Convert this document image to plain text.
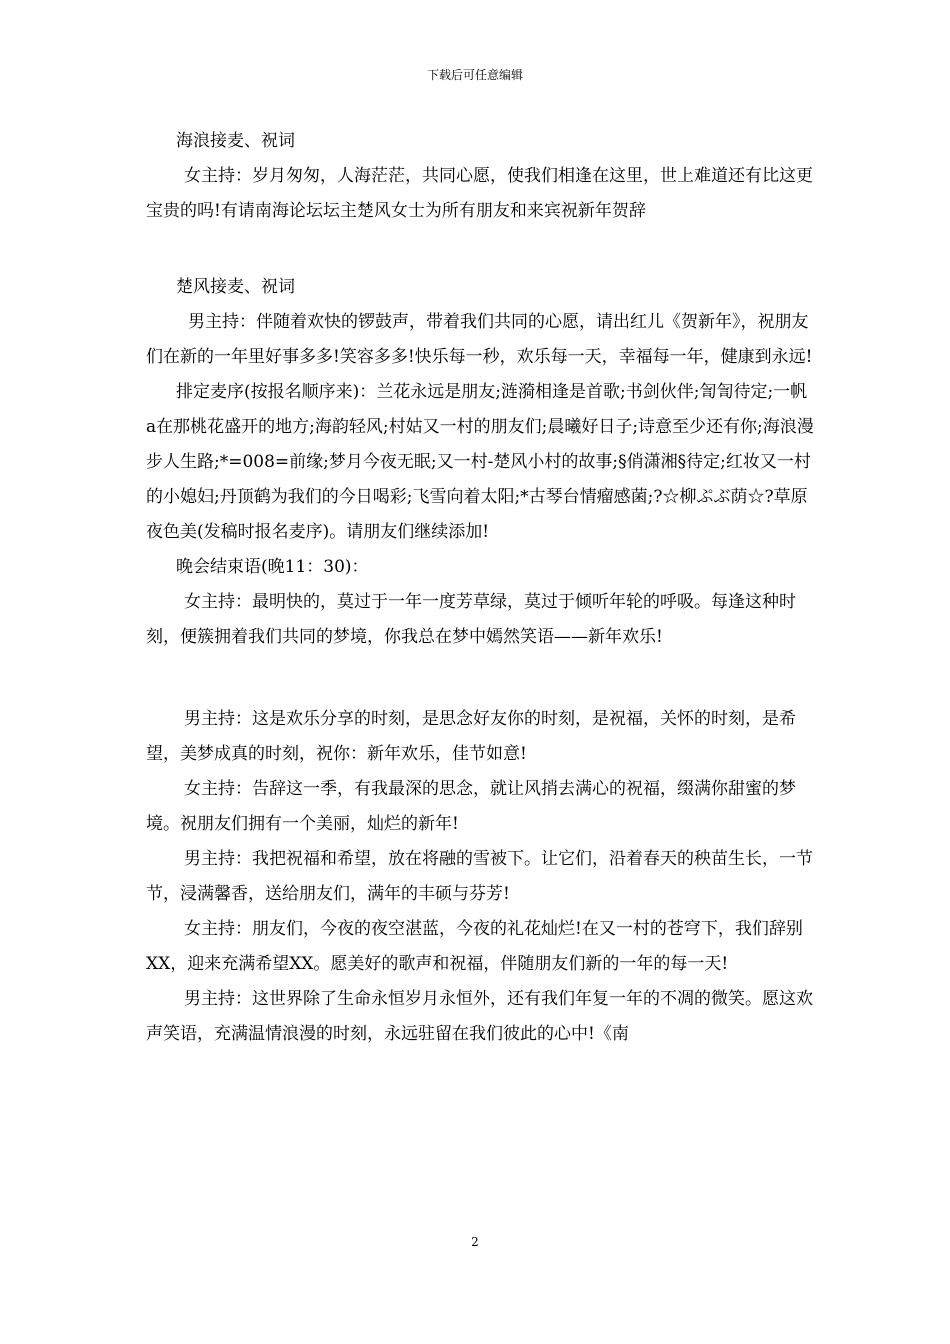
下载后可任意编辑

海浪接麦、祝词

女主持：岁月匆匆，人海茫茫，共同心愿，使我们相逢在这里，世上难道还有比这更宝贵的吗!有请南海论坛坛主楚风女士为所有朋友和来宾祝新年贺辞

楚风接麦、祝词

男主持：伴随着欢快的锣鼓声，带着我们共同的心愿，请出红儿《贺新年》，祝朋友们在新的一年里好事多多!笑容多多!快乐每一秒，欢乐每一天，幸福每一年，健康到永远!

排定麦序(按报名顺序来)：兰花永远是朋友;涟漪相逢是首歌;书剑伙伴;訇訇待定;一帆a在那桃花盛开的地方;海韵轻风;村姑又一村的朋友们;晨曦好日子;诗意至少还有你;海浪漫步人生路;*=008=前缘;梦月今夜无眠;又一村-楚风小村的故事;§俏潇湘§待定;红妆又一村的小媳妇;丹顶鹤为我们的今日喝彩;飞雪向着太阳;*古琴台情瘤感菌;?☆柳ぷぶ荫☆?草原夜色美(发稿时报名麦序)。请朋友们继续添加!

晚会结束语(晚11：30)：

女主持：最明快的，莫过于一年一度芳草绿，莫过于倾听年轮的呼吸。每逢这种时刻，便簇拥着我们共同的梦境，你我总在梦中嫣然笑语——新年欢乐!

男主持：这是欢乐分享的时刻，是思念好友你的时刻，是祝福，关怀的时刻，是希望，美梦成真的时刻，祝你：新年欢乐，佳节如意!

女主持：告辞这一季，有我最深的思念，就让风捎去满心的祝福，缀满你甜蜜的梦境。祝朋友们拥有一个美丽，灿烂的新年!

男主持：我把祝福和希望，放在将融的雪被下。让它们，沿着春天的秧苗生长，一节节，浸满馨香，送给朋友们，满年的丰硕与芬芳!

女主持：朋友们，今夜的夜空湛蓝，今夜的礼花灿烂!在又一村的苍穹下，我们辞别XX，迎来充满希望XX。愿美好的歌声和祝福，伴随朋友们新的一年的每一天!

男主持：这世界除了生命永恒岁月永恒外，还有我们年复一年的不凋的微笑。愿这欢声笑语，充满温情浪漫的时刻，永远驻留在我们彼此的心中!《南

2
